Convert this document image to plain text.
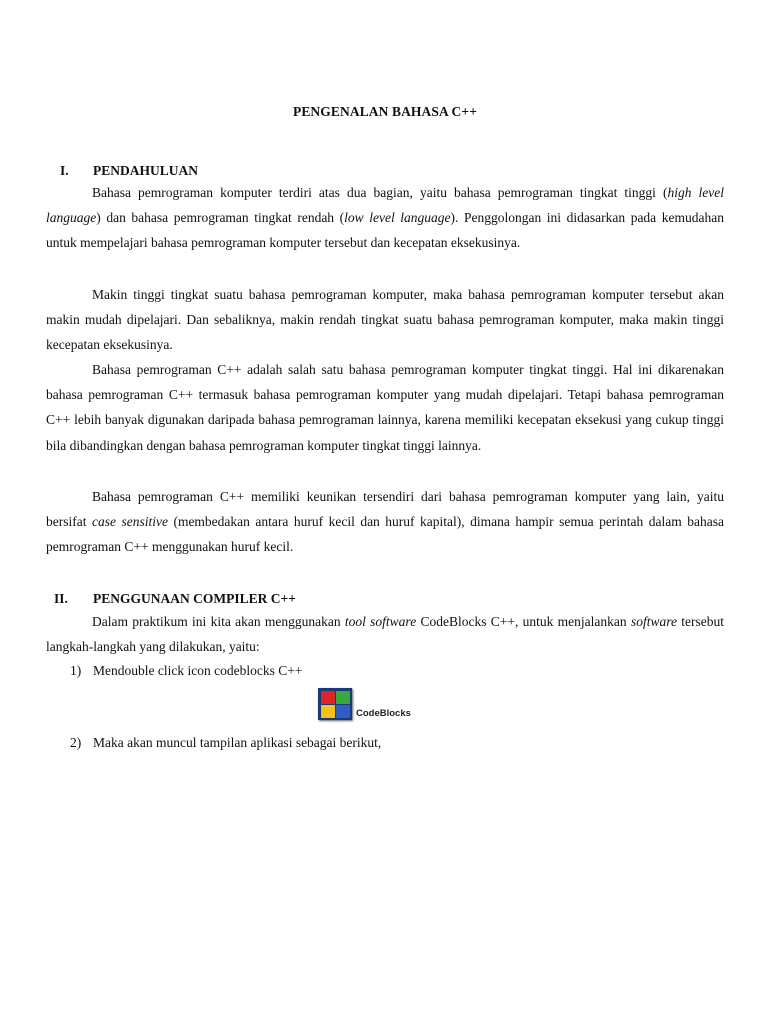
PENGENALAN BAHASA C++
I. PENDAHULUAN

Bahasa pemrograman komputer terdiri atas dua bagian, yaitu bahasa pemrograman tingkat tinggi (high level language) dan bahasa pemrograman tingkat rendah (low level language). Penggolongan ini didasarkan pada kemudahan untuk mempelajari bahasa pemrograman komputer tersebut dan kecepatan eksekusinya.

Makin tinggi tingkat suatu bahasa pemrograman komputer, maka bahasa pemrograman komputer tersebut akan makin mudah dipelajari. Dan sebaliknya, makin rendah tingkat suatu bahasa pemrograman komputer, maka makin tinggi kecepatan eksekusinya.

Bahasa pemrograman C++ adalah salah satu bahasa pemrograman komputer tingkat tinggi. Hal ini dikarenakan bahasa pemrograman C++ termasuk bahasa pemrograman komputer yang mudah dipelajari. Tetapi bahasa pemrograman C++ lebih banyak digunakan daripada bahasa pemrograman lainnya, karena memiliki kecepatan eksekusi yang cukup tinggi bila dibandingkan dengan bahasa pemrograman komputer tingkat tinggi lainnya.

Bahasa pemrograman C++ memiliki keunikan tersendiri dari bahasa pemrograman komputer yang lain, yaitu bersifat case sensitive (membedakan antara huruf kecil dan huruf kapital), dimana hampir semua perintah dalam bahasa pemrograman C++ menggunakan huruf kecil.

II. PENGGUNAAN COMPILER C++

Dalam praktikum ini kita akan menggunakan tool software CodeBlocks C++, untuk menjalankan software tersebut langkah-langkah yang dilakukan, yaitu:

1) Mendouble click icon codeblocks C++
CodeBlocks
2) Maka akan muncul tampilan aplikasi sebagai berikut,
